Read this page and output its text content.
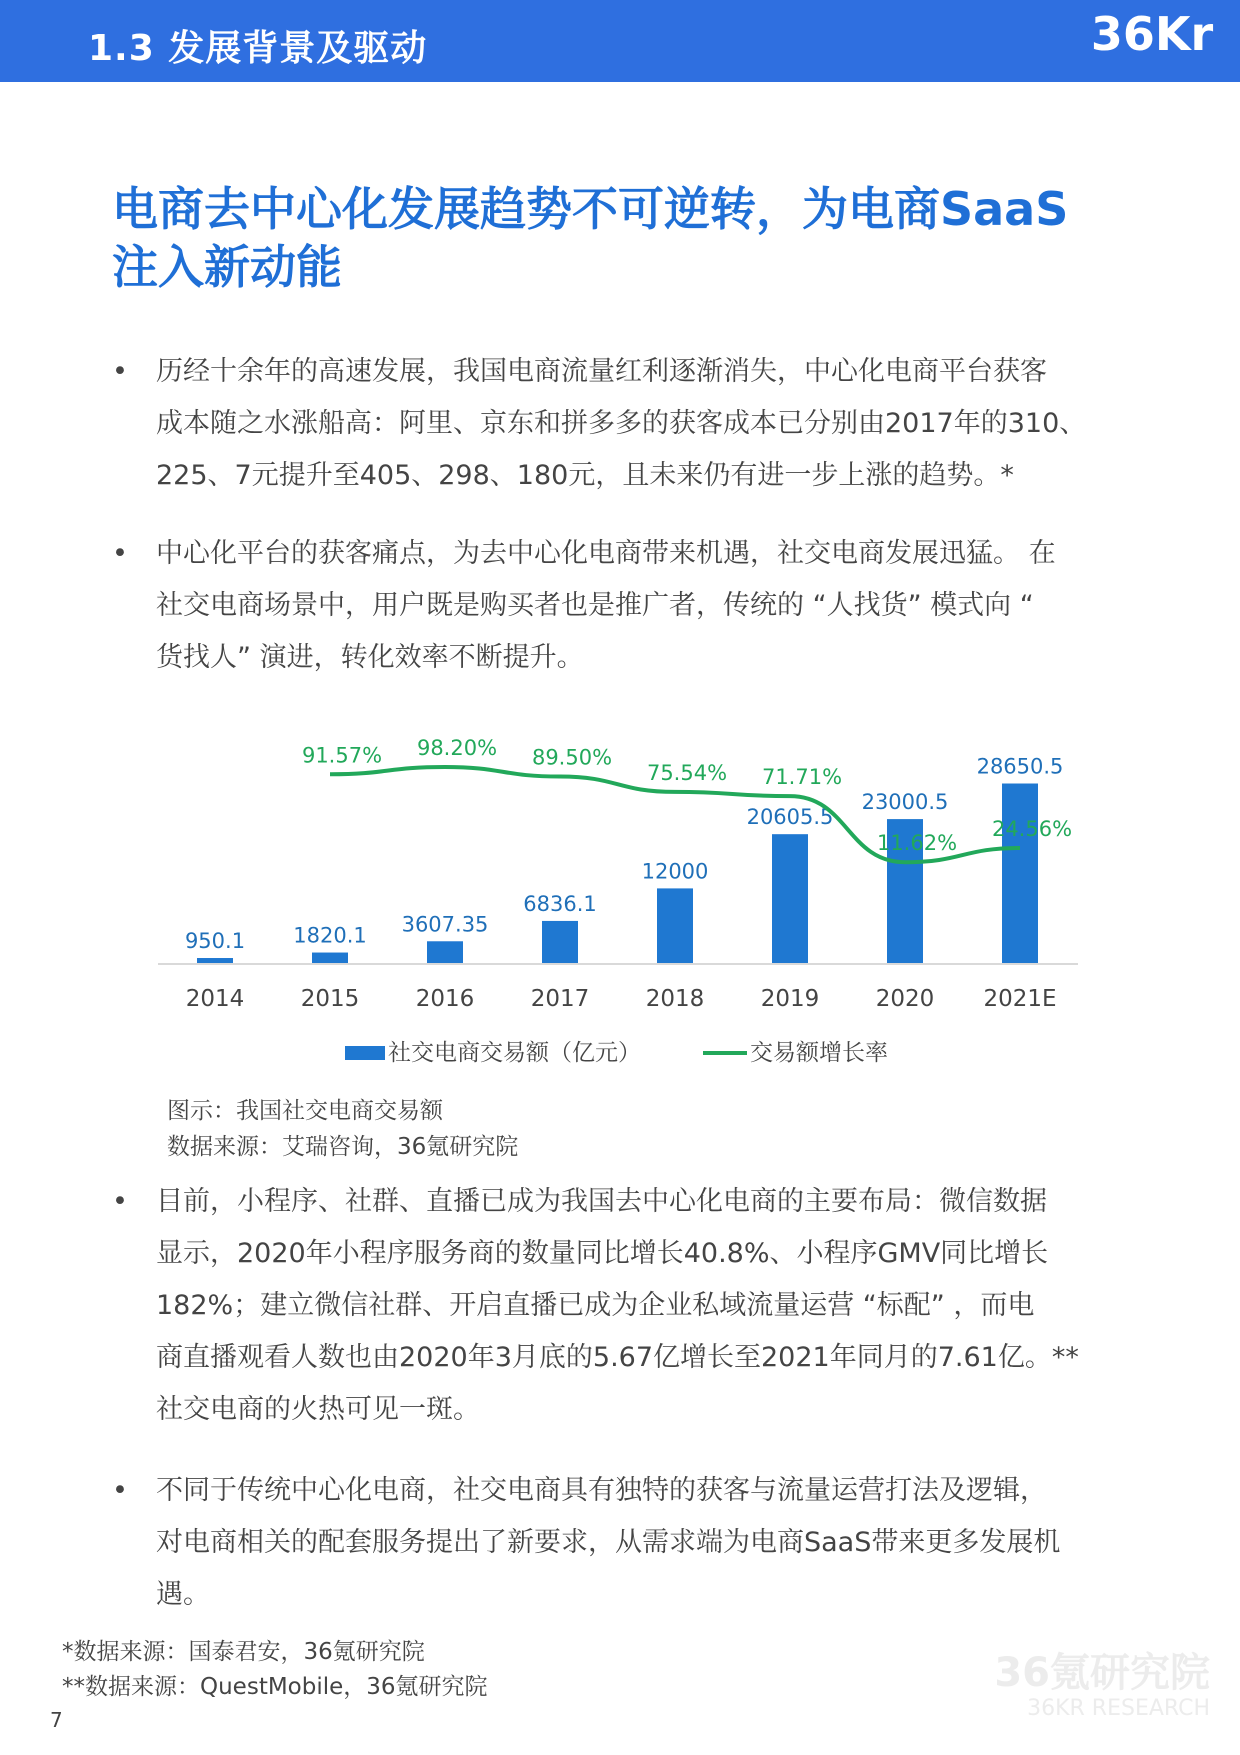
1.3 发展背景及驱动	36Kr
电商去中心化发展趋势不可逆转，为电商SaaS
注入新动能
•	历经十余年的高速发展，我国电商流量红利逐渐消失，中心化电商平台获客
成本随之水涨船高：阿里、京东和拼多多的获客成本已分别由2017年的310、
225、7元提升至405、298、180元，且未来仍有进一步上涨的趋势。*
•	中心化平台的获客痛点，为去中心化电商带来机遇，社交电商发展迅猛。 在
社交电商场景中，用户既是购买者也是推广者，传统的 “人找货” 模式向 “
货找人” 演进，转化效率不断提升。
950.1 1820.1 3607.35
6836.1
12000
20605.5
23000.5
28650.5
2014 2015 2016 2017 2018 2019 2020 2021E
91.57% 98.20% 89.50%
75.54% 71.71%
11.62%
24.56%
社交电商交易额（亿元）	交易额增长率
图示：我国社交电商交易额
数据来源：艾瑞咨询，36氪研究院
•	目前，小程序、社群、直播已成为我国去中心化电商的主要布局：微信数据
显示，2020年小程序服务商的数量同比增长40.8%、小程序GMV同比增长
182%；建立微信社群、开启直播已成为企业私域流量运营 “标配” ，而电
商直播观看人数也由2020年3月底的5.67亿增长至2021年同月的7.61亿。**
社交电商的火热可见一斑。
•	不同于传统中心化电商，社交电商具有独特的获客与流量运营打法及逻辑，
对电商相关的配套服务提出了新要求，从需求端为电商SaaS带来更多发展机
遇。
*数据来源：国泰君安，36氪研究院
**数据来源：QuestMobile，36氪研究院
7
36氪研究院
36KR RESEARCH
